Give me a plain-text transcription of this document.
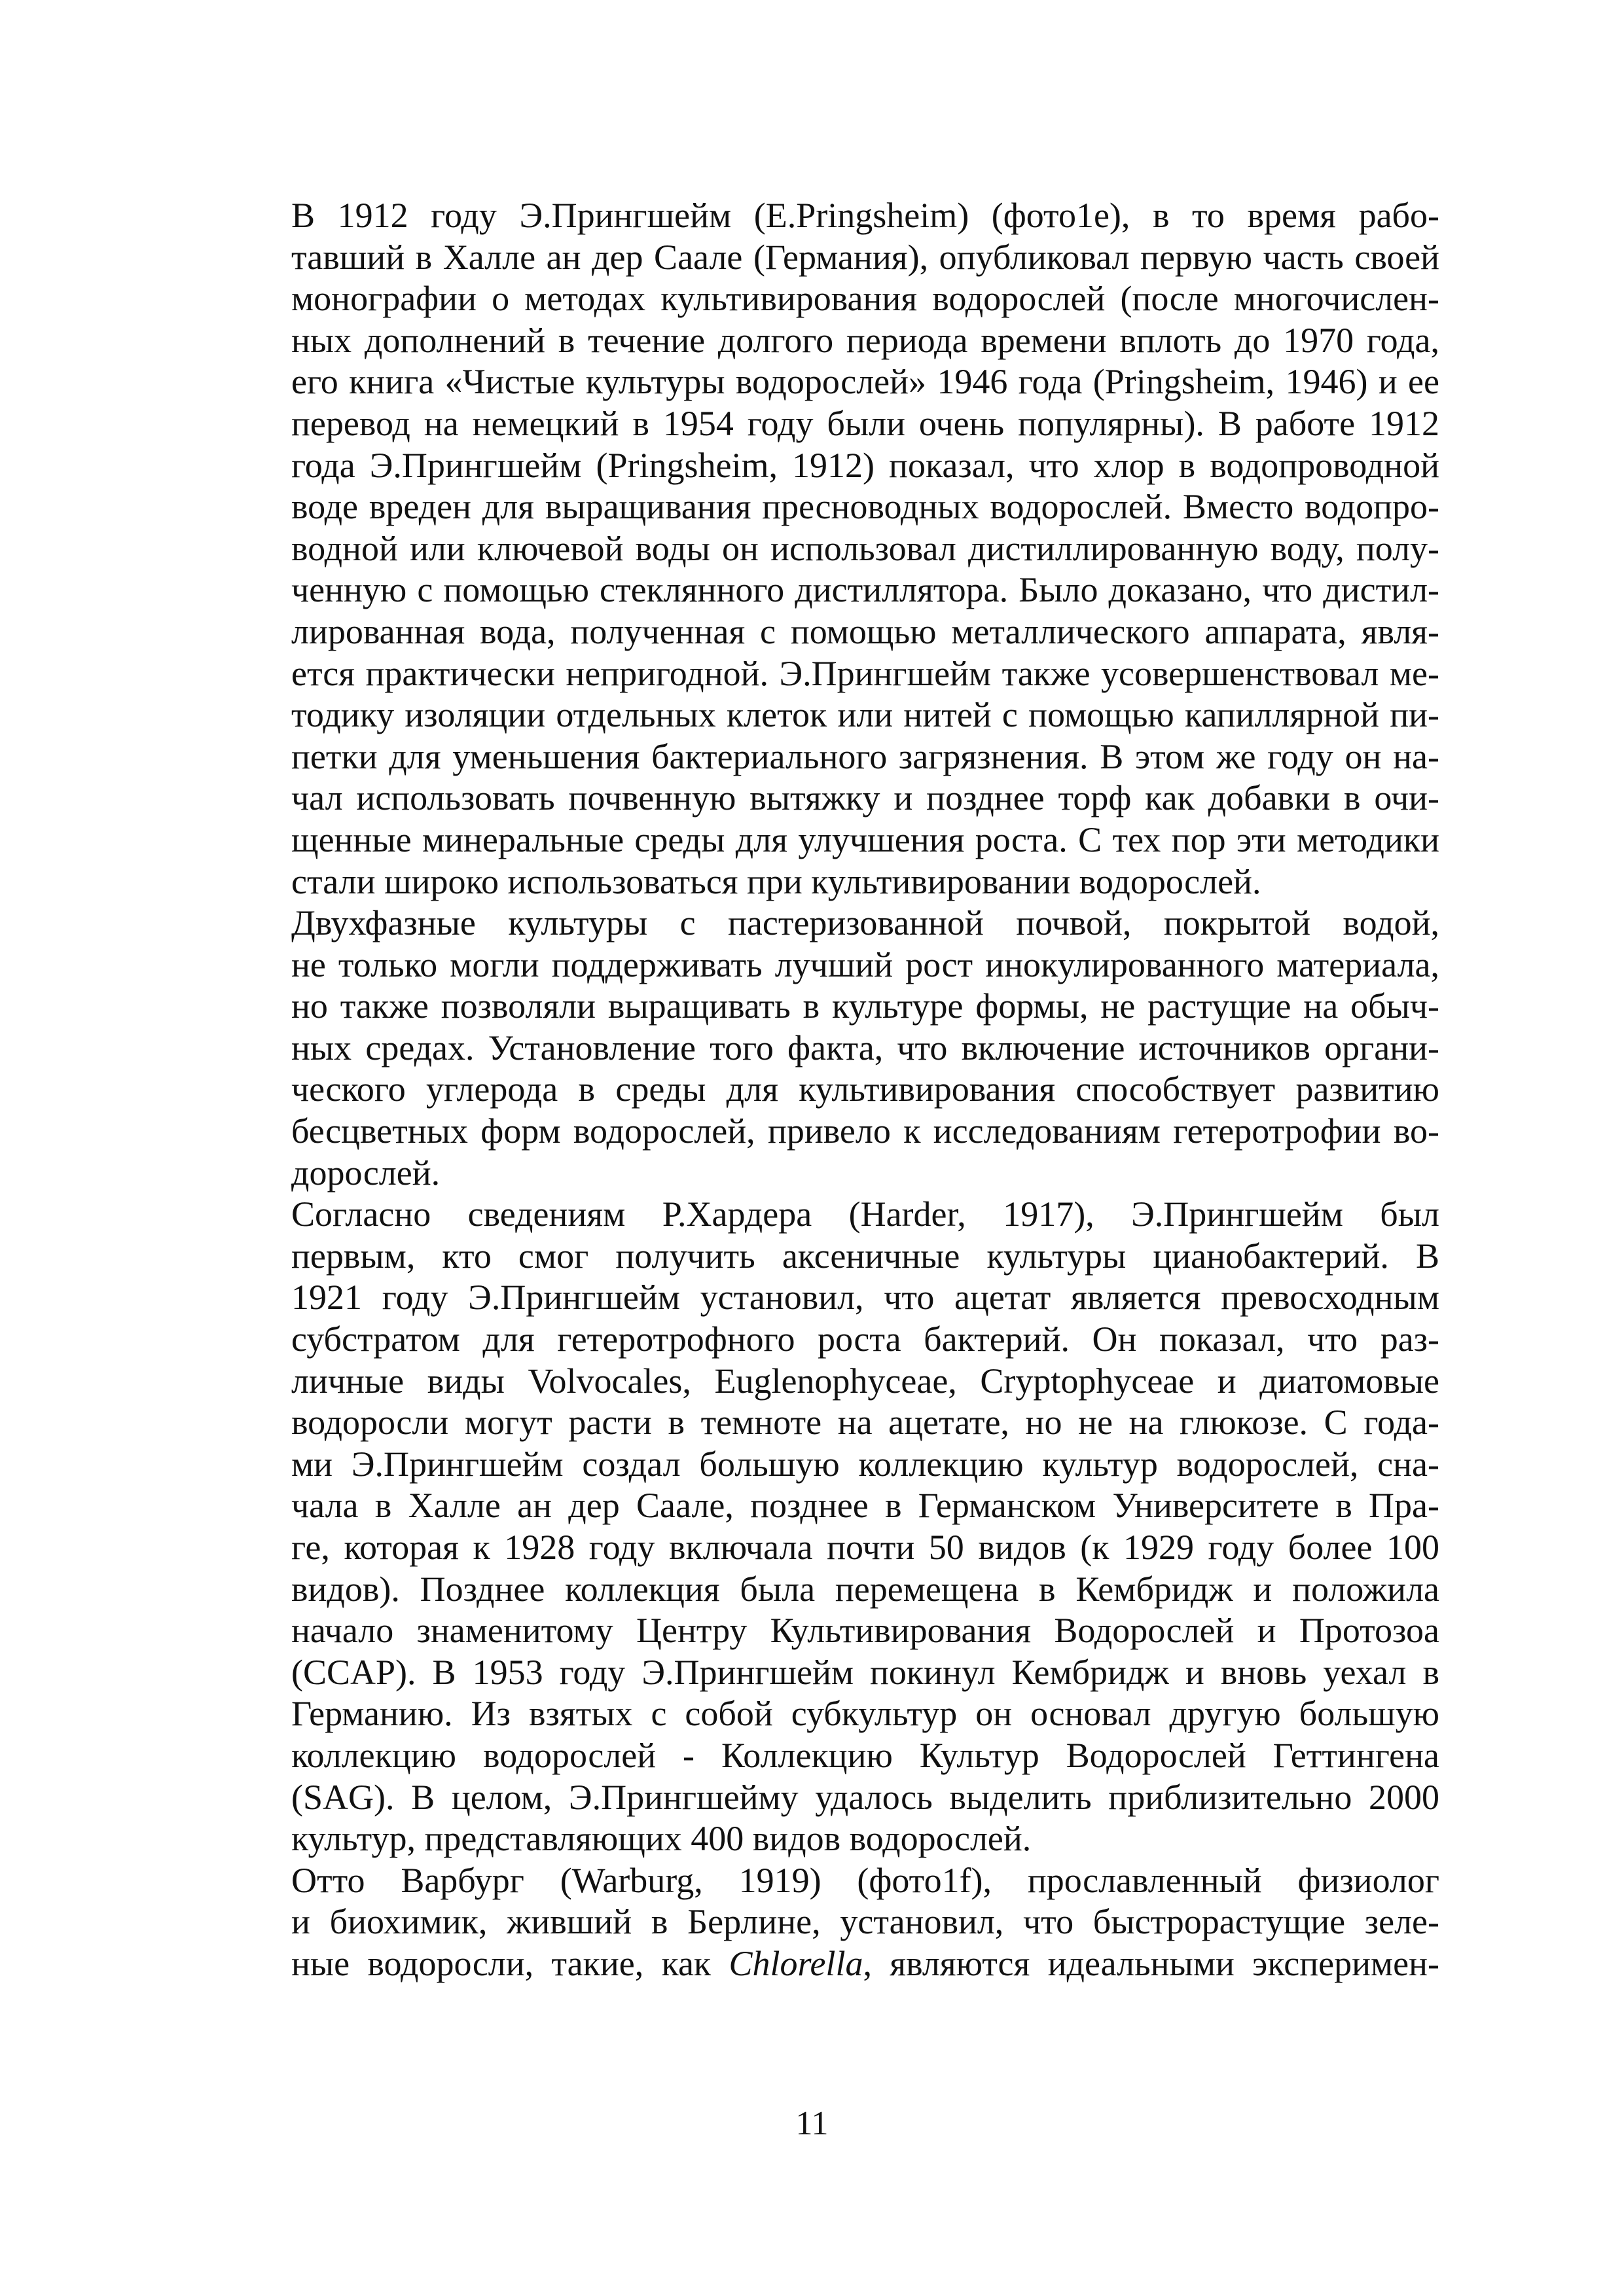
В 1912 году Э.Прингшейм (E.Pringsheim) (фото1e), в то время рабо-
тавший в Халле ан дер Саале (Германия), опубликовал первую часть своей
монографии о методах культивирования водорослей (после многочислен-
ных дополнений в течение долгого периода времени вплоть до 1970 года,
его книга «Чистые культуры водорослей» 1946 года (Pringsheim, 1946) и ее
перевод на немецкий в 1954 году были очень популярны). В работе 1912
года Э.Прингшейм (Pringsheim, 1912) показал, что хлор в водопроводной
воде вреден для выращивания пресноводных водорослей. Вместо водопро-
водной или ключевой воды он использовал дистиллированную воду, полу-
ченную с помощью стеклянного дистиллятора. Было доказано, что дистил-
лированная вода, полученная с помощью металлического аппарата, явля-
ется практически непригодной. Э.Прингшейм также усовершенствовал ме-
тодику изоляции отдельных клеток или нитей с помощью капиллярной пи-
петки для уменьшения бактериального загрязнения. В этом же году он на-
чал использовать почвенную вытяжку и позднее торф как добавки в очи-
щенные минеральные среды для улучшения роста. С тех пор эти методики
стали широко использоваться при культивировании водорослей.

Двухфазные культуры с пастеризованной почвой, покрытой водой,
не только могли поддерживать лучший рост инокулированного материала,
но также позволяли выращивать в культуре формы, не растущие на обыч-
ных средах. Установление того факта, что включение источников органи-
ческого углерода в среды для культивирования способствует развитию
бесцветных форм водорослей, привело к исследованиям гетеротрофии во-
дорослей.

Согласно сведениям Р.Хардера (Harder, 1917), Э.Прингшейм был
первым, кто смог получить аксеничные культуры цианобактерий. В
1921 году Э.Прингшейм установил, что ацетат является превосходным
субстратом для гетеротрофного роста бактерий. Он показал, что раз-
личные виды Volvocales, Euglenophyceae, Cryptophyceae и диатомовые
водоросли могут расти в темноте на ацетате, но не на глюкозе. С года-
ми Э.Прингшейм создал большую коллекцию культур водорослей, сна-
чала в Халле ан дер Саале, позднее в Германском Университете в Пра-
ге, которая к 1928 году включала почти 50 видов (к 1929 году более 100
видов). Позднее коллекция была перемещена в Кембридж и положила
начало знаменитому Центру Культивирования Водорослей и Протозоа
(CCAP). В 1953 году Э.Прингшейм покинул Кембридж и вновь уехал в
Германию. Из взятых с собой субкультур он основал другую большую
коллекцию водорослей - Коллекцию Культур Водорослей Геттингена
(SAG). В целом, Э.Прингшейму удалось выделить приблизительно 2000
культур, представляющих 400 видов водорослей.

Отто Варбург (Warburg, 1919) (фото1f), прославленный физиолог
и биохимик, живший в Берлине, установил, что быстрорастущие зеле-
ные водоросли, такие, как Chlorella, являются идеальными эксперимен-

11
